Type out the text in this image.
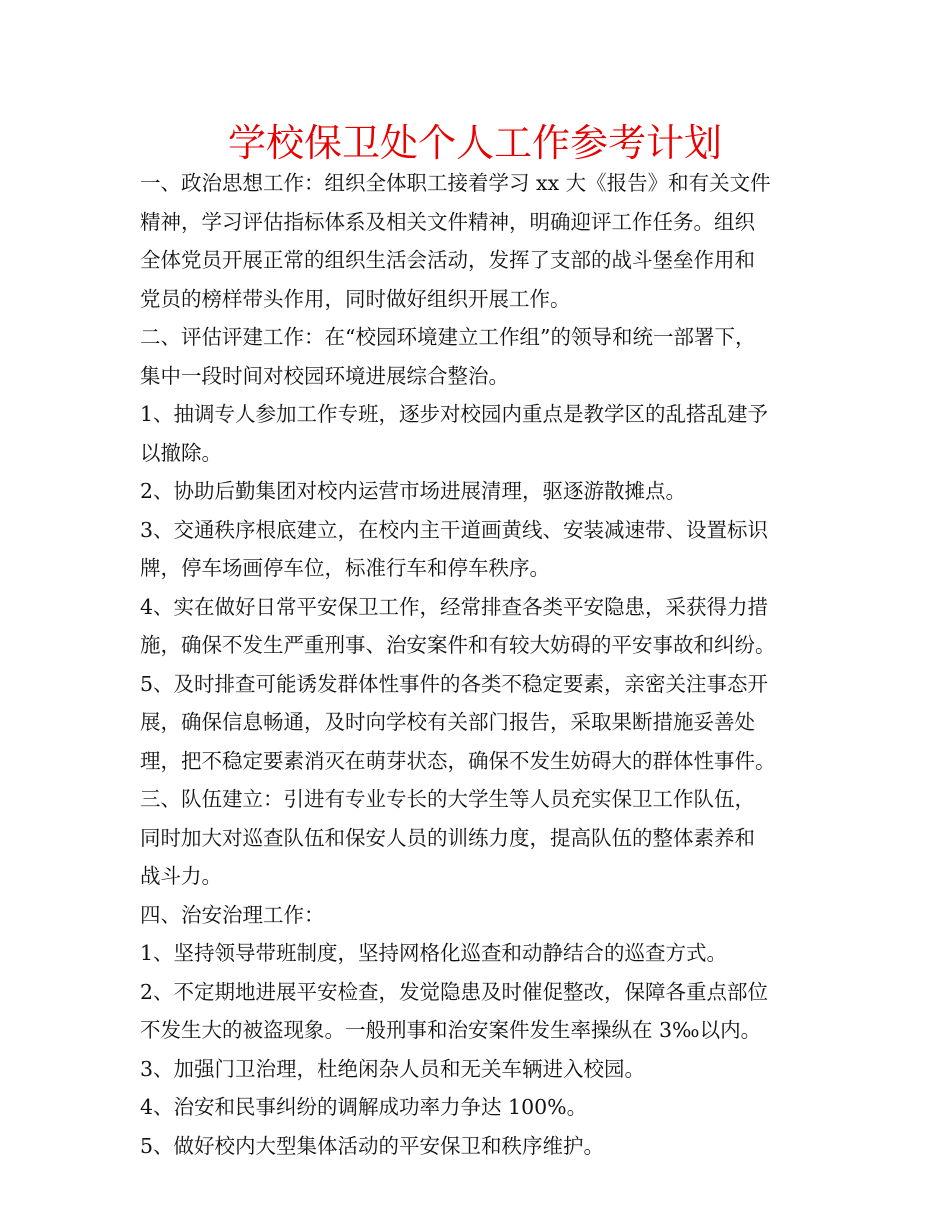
学校保卫处个人工作参考计划

一、政治思想工作：组织全体职工接着学习 xx 大《报告》和有关文件

精神，学习评估指标体系及相关文件精神，明确迎评工作任务。组织

全体党员开展正常的组织生活会活动，发挥了支部的战斗堡垒作用和

党员的榜样带头作用，同时做好组织开展工作。

二、评估评建工作：在“校园环境建立工作组”的领导和统一部署下，

集中一段时间对校园环境进展综合整治。

1、抽调专人参加工作专班，逐步对校园内重点是教学区的乱搭乱建予

以撤除。

2、协助后勤集团对校内运营市场进展清理，驱逐游散摊点。

3、交通秩序根底建立，在校内主干道画黄线、安装减速带、设置标识

牌，停车场画停车位，标准行车和停车秩序。

4、实在做好日常平安保卫工作，经常排查各类平安隐患，采获得力措

施，确保不发生严重刑事、治安案件和有较大妨碍的平安事故和纠纷。

5、及时排查可能诱发群体性事件的各类不稳定要素，亲密关注事态开

展，确保信息畅通，及时向学校有关部门报告，采取果断措施妥善处

理，把不稳定要素消灭在萌芽状态，确保不发生妨碍大的群体性事件。

三、队伍建立：引进有专业专长的大学生等人员充实保卫工作队伍，

同时加大对巡查队伍和保安人员的训练力度，提高队伍的整体素养和

战斗力。

四、治安治理工作：

1、坚持领导带班制度，坚持网格化巡查和动静结合的巡查方式。

2、不定期地进展平安检查，发觉隐患及时催促整改，保障各重点部位

不发生大的被盗现象。一般刑事和治安案件发生率操纵在 3‰以内。

3、加强门卫治理，杜绝闲杂人员和无关车辆进入校园。

4、治安和民事纠纷的调解成功率力争达 100%。

5、做好校内大型集体活动的平安保卫和秩序维护。
